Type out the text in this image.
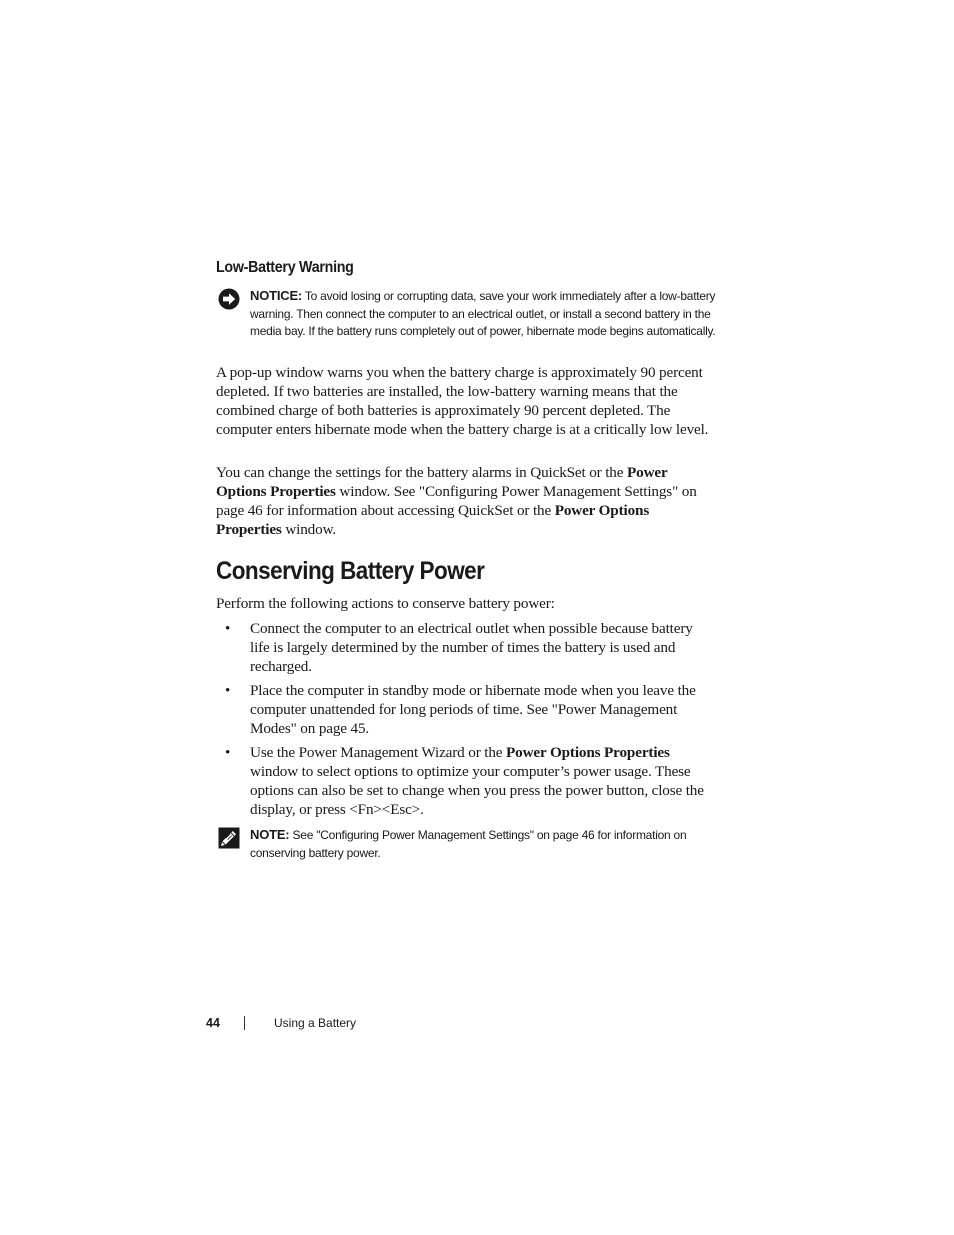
Low-Battery Warning
NOTICE: To avoid losing or corrupting data, save your work immediately after a low-battery warning. Then connect the computer to an electrical outlet, or install a second battery in the media bay. If the battery runs completely out of power, hibernate mode begins automatically.

A pop-up window warns you when the battery charge is approximately 90 percent depleted. If two batteries are installed, the low-battery warning means that the combined charge of both batteries is approximately 90 percent depleted. The computer enters hibernate mode when the battery charge is at a critically low level.

You can change the settings for the battery alarms in QuickSet or the Power Options Properties window. See "Configuring Power Management Settings" on page 46 for information about accessing QuickSet or the Power Options Properties window.

Conserving Battery Power

Perform the following actions to conserve battery power:

• Connect the computer to an electrical outlet when possible because battery life is largely determined by the number of times the battery is used and recharged.
• Place the computer in standby mode or hibernate mode when you leave the computer unattended for long periods of time. See "Power Management Modes" on page 45.
• Use the Power Management Wizard or the Power Options Properties window to select options to optimize your computer’s power usage. These options can also be set to change when you press the power button, close the display, or press <Fn><Esc>.
NOTE: See "Configuring Power Management Settings" on page 46 for information on conserving battery power.
44	Using a Battery
